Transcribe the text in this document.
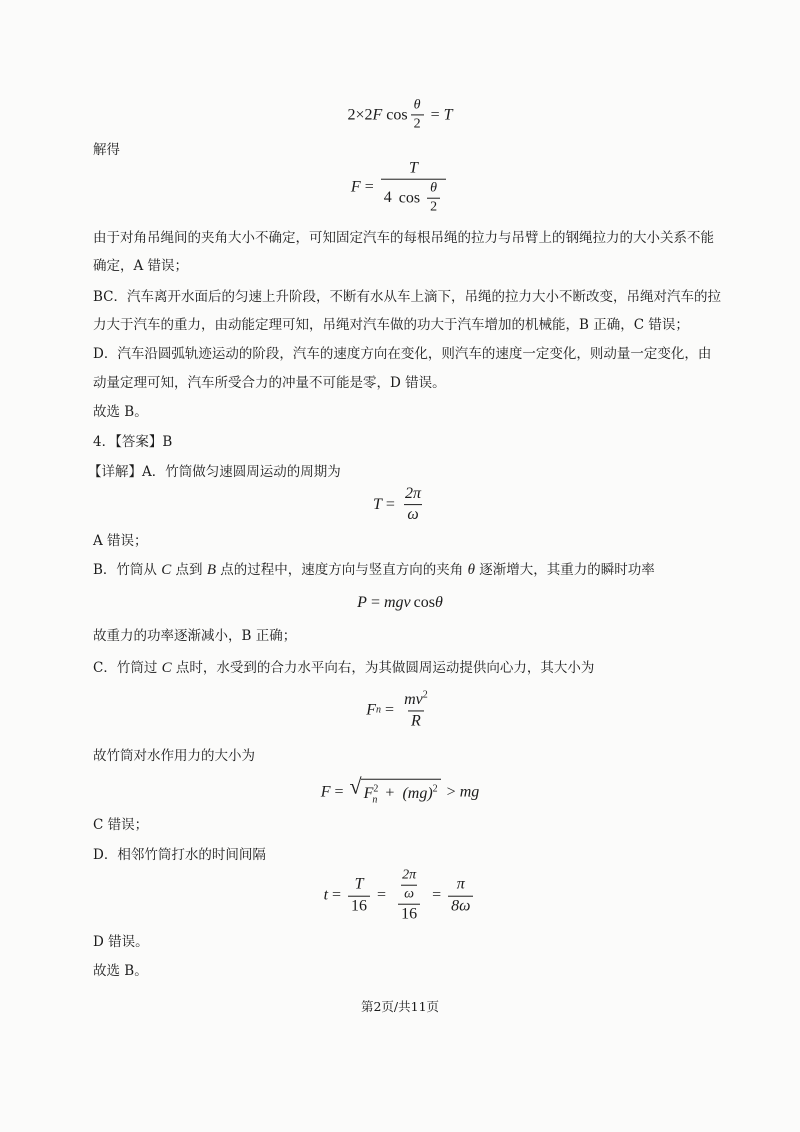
2×2 F $\cos \frac{\theta}{2} = T$
解得
$F = \frac{T}{4 \cos \frac{\theta}{2}}$
由于对角吊绳间的夹角大小不确定，可知固定汽车的每根吊绳的拉力与吊臂上的钢绳拉力的大小关系不能
确定，A 错误；
BC．汽车离开水面后的匀速上升阶段，不断有水从车上滴下，吊绳的拉力大小不断改变，吊绳对汽车的拉
力大于汽车的重力，由动能定理可知，吊绳对汽车做的功大于汽车增加的机械能，B 正确，C 错误；
D．汽车沿圆弧轨迹运动的阶段，汽车的速度方向在变化，则汽车的速度一定变化，则动量一定变化，由
动量定理可知，汽车所受合力的冲量不可能是零，D 错误。
故选 B。
4．【答案】B
【详解】A．竹筒做匀速圆周运动的周期为
$T = \frac{2\pi}{\omega}$
A 错误；
B．竹筒从 C 点到 B 点的过程中，速度方向与竖直方向的夹角 θ 逐渐增大，其重力的瞬时功率
P = mgv cos θ
故重力的功率逐渐减小，B 正确；
C．竹筒过 C 点时，水受到的合力水平向右，为其做圆周运动提供向心力，其大小为
F $n = \frac{mv^2}{R}$
故竹筒对水作用力的大小为
F = √ $F^2_n + (mg)^2$ > mg
C 错误；
D．相邻竹筒打水的时间间隔
$t = \frac{T}{16} = \frac{\frac{2\pi}{\omega}}{16} = \frac{\pi}{8\omega}$
D 错误。
故选 B。
第2页/共11页
